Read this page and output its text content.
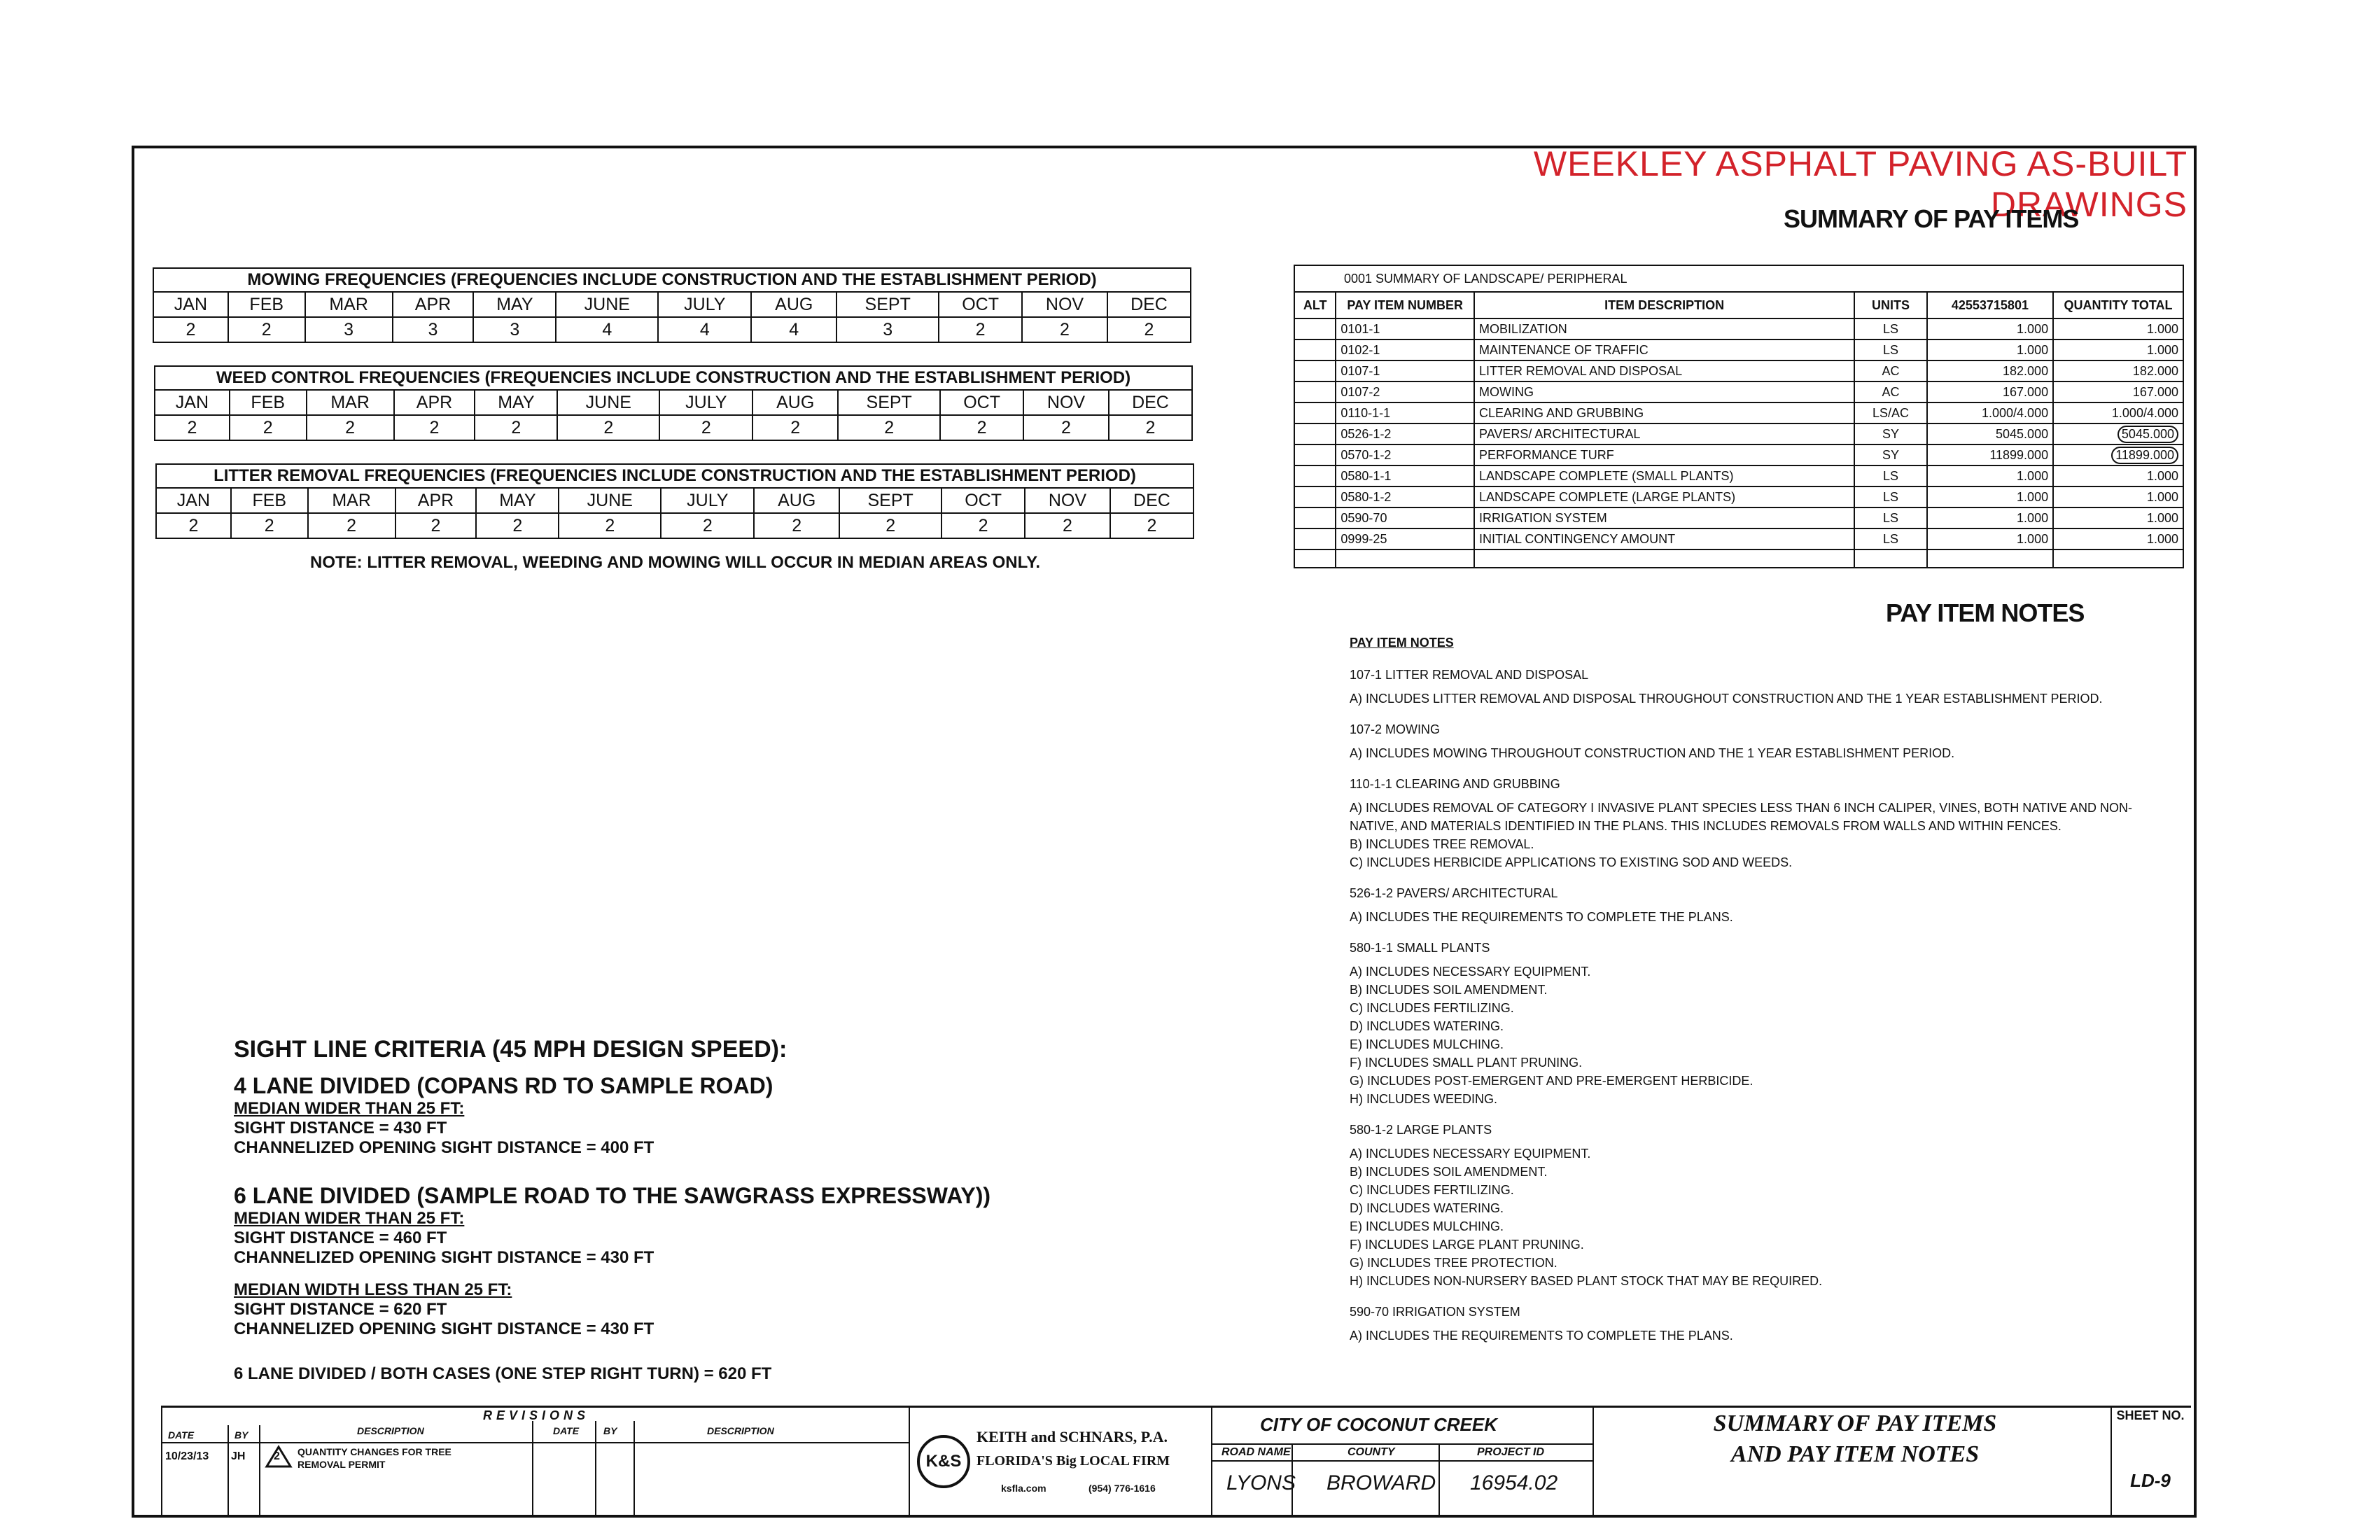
WEEKLEY ASPHALT PAVING AS-BUILT DRAWINGS
SUMMARY OF PAY ITEMS
MOWING FREQUENCIES (FREQUENCIES INCLUDE CONSTRUCTION AND THE ESTABLISHMENT PERIOD)											
JAN	FEB	MAR	APR	MAY	JUNE	JULY	AUG	SEPT	OCT	NOV	DEC
2	2	3	3	3	4	4	4	3	2	2	2
WEED CONTROL FREQUENCIES (FREQUENCIES INCLUDE CONSTRUCTION AND THE ESTABLISHMENT PERIOD)											
JAN	FEB	MAR	APR	MAY	JUNE	JULY	AUG	SEPT	OCT	NOV	DEC
2	2	2	2	2	2	2	2	2	2	2	2
LITTER REMOVAL FREQUENCIES (FREQUENCIES INCLUDE CONSTRUCTION AND THE ESTABLISHMENT PERIOD)											
JAN	FEB	MAR	APR	MAY	JUNE	JULY	AUG	SEPT	OCT	NOV	DEC
2	2	2	2	2	2	2	2	2	2	2	2
NOTE: LITTER REMOVAL, WEEDING AND MOWING WILL OCCUR IN MEDIAN AREAS ONLY.
0001 SUMMARY OF LANDSCAPE/ PERIPHERAL					
ALT	PAY ITEM NUMBER	ITEM DESCRIPTION	UNITS	42553715801	QUANTITY TOTAL
	0101-1	MOBILIZATION	LS	1.000	1.000
	0102-1	MAINTENANCE OF TRAFFIC	LS	1.000	1.000
	0107-1	LITTER REMOVAL AND DISPOSAL	AC	182.000	182.000
	0107-2	MOWING	AC	167.000	167.000
	0110-1-1	CLEARING AND GRUBBING	LS/AC	1.000/4.000	1.000/4.000
	0526-1-2	PAVERS/ ARCHITECTURAL	SY	5045.000	5045.000
	0570-1-2	PERFORMANCE TURF	SY	11899.000	11899.000
	0580-1-1	LANDSCAPE COMPLETE (SMALL PLANTS)	LS	1.000	1.000
	0580-1-2	LANDSCAPE COMPLETE (LARGE PLANTS)	LS	1.000	1.000
	0590-70	IRRIGATION SYSTEM	LS	1.000	1.000
	0999-25	INITIAL CONTINGENCY AMOUNT	LS	1.000	1.000

PAY ITEM NOTES
PAY ITEM NOTES
107-1 LITTER REMOVAL AND DISPOSAL
A) INCLUDES LITTER REMOVAL AND DISPOSAL THROUGHOUT CONSTRUCTION AND THE 1 YEAR ESTABLISHMENT PERIOD.
107-2 MOWING
A) INCLUDES MOWING THROUGHOUT CONSTRUCTION AND THE 1 YEAR ESTABLISHMENT PERIOD.
110-1-1 CLEARING AND GRUBBING
A) INCLUDES REMOVAL OF CATEGORY I INVASIVE PLANT SPECIES LESS THAN 6 INCH CALIPER, VINES, BOTH NATIVE AND NON-NATIVE, AND MATERIALS IDENTIFIED IN THE PLANS. THIS INCLUDES REMOVALS FROM WALLS AND WITHIN FENCES.
B) INCLUDES TREE REMOVAL.
C) INCLUDES HERBICIDE APPLICATIONS TO EXISTING SOD AND WEEDS.
526-1-2 PAVERS/ ARCHITECTURAL
A) INCLUDES THE REQUIREMENTS TO COMPLETE THE PLANS.
580-1-1 SMALL PLANTS
A) INCLUDES NECESSARY EQUIPMENT.
B) INCLUDES SOIL AMENDMENT.
C) INCLUDES FERTILIZING.
D) INCLUDES WATERING.
E) INCLUDES MULCHING.
F) INCLUDES SMALL PLANT PRUNING.
G) INCLUDES POST-EMERGENT AND PRE-EMERGENT HERBICIDE.
H) INCLUDES WEEDING.
580-1-2 LARGE PLANTS
A) INCLUDES NECESSARY EQUIPMENT.
B) INCLUDES SOIL AMENDMENT.
C) INCLUDES FERTILIZING.
D) INCLUDES WATERING.
E) INCLUDES MULCHING.
F) INCLUDES LARGE PLANT PRUNING.
G) INCLUDES TREE PROTECTION.
H) INCLUDES NON-NURSERY BASED PLANT STOCK THAT MAY BE REQUIRED.
590-70 IRRIGATION SYSTEM
A) INCLUDES THE REQUIREMENTS TO COMPLETE THE PLANS.
SIGHT LINE CRITERIA (45 MPH DESIGN SPEED):
4 LANE DIVIDED (COPANS RD TO SAMPLE ROAD)
MEDIAN WIDER THAN 25 FT:
SIGHT DISTANCE = 430 FT
CHANNELIZED OPENING SIGHT DISTANCE = 400 FT
6 LANE DIVIDED (SAMPLE ROAD TO THE SAWGRASS EXPRESSWAY))
MEDIAN WIDER THAN 25 FT:
SIGHT DISTANCE = 460 FT
CHANNELIZED OPENING SIGHT DISTANCE = 430 FT
MEDIAN WIDTH LESS THAN 25 FT:
SIGHT DISTANCE = 620 FT
CHANNELIZED OPENING SIGHT DISTANCE = 430 FT
6 LANE DIVIDED / BOTH CASES (ONE STEP RIGHT TURN) = 620 FT
REVISIONS
DATE	BY	DESCRIPTION	DATE BY	DESCRIPTION
10/23/13 JH	2 QUANTITY CHANGES FOR TREE
REMOVAL PERMIT	K&S
KEITH and SCHNARS, P.A.
FLORIDA'S Big LOCAL FIRM
ksfla.com	(954) 776-1616
CITY OF COCONUT CREEK
ROAD NAME	COUNTY	PROJECT ID
LYONS BROWARD 16954.02
SUMMARY OF PAY ITEMS
AND PAY ITEM NOTES
SHEET NO.
LD-9
